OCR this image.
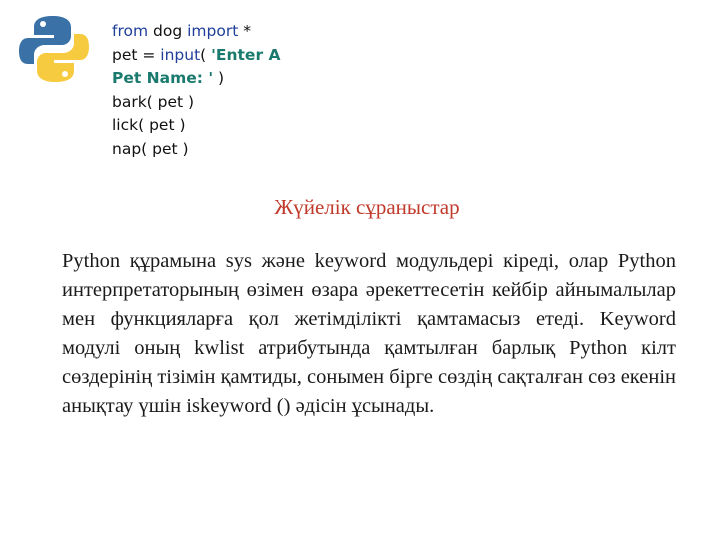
from dog import *
pet = input( 'Enter A
Pet Name: ' )
bark( pet )
lick( pet )
nap( pet )
Жүйелік сұраныстар

Python құрамына sys және keyword модульдері кіреді, олар Python интерпретаторының өзімен өзара әрекеттесетін кейбір айнымалылар мен функцияларға қол жетімділікті қамтамасыз етеді. Keyword модулі оның kwlist атрибутында қамтылған барлық Python кілт сөздерінің тізімін қамтиды, сонымен бірге сөздің сақталған сөз екенін анықтау үшін iskeyword () әдісін ұсынады.
